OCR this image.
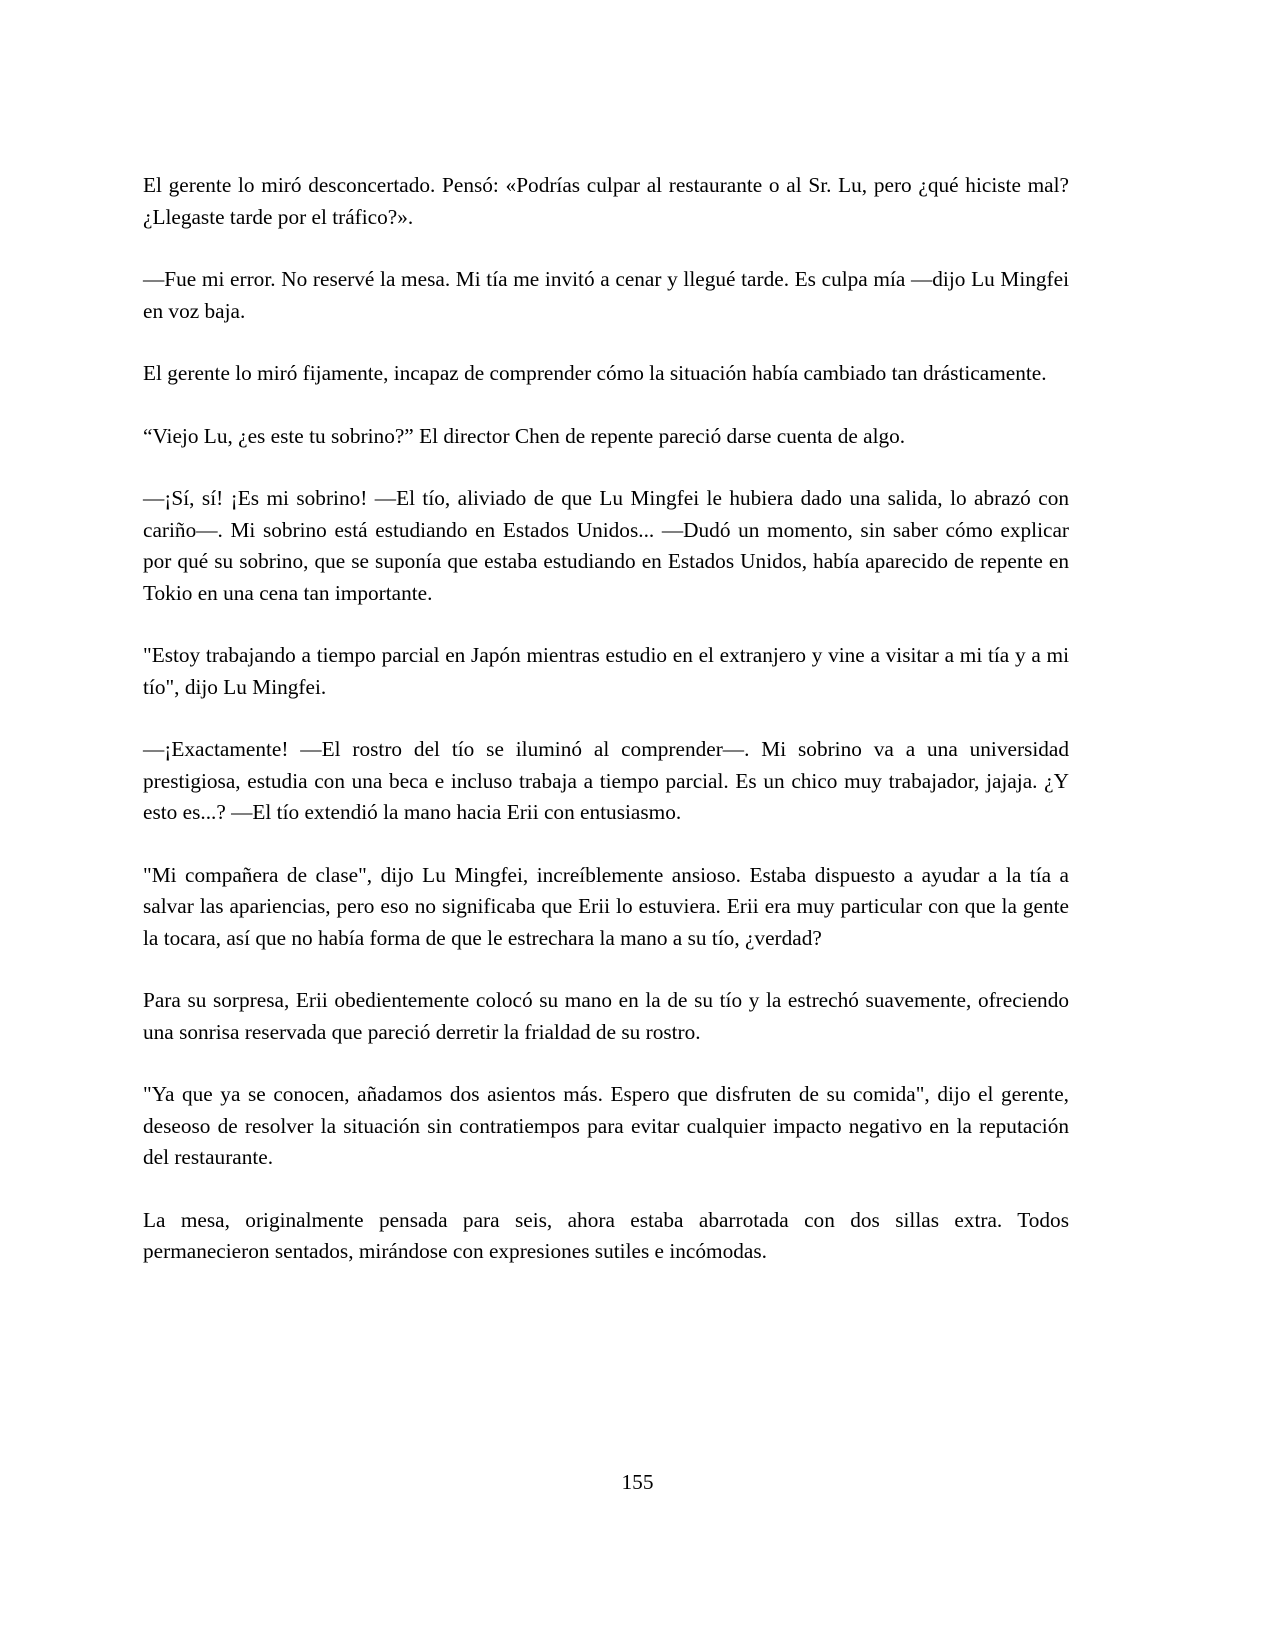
El gerente lo miró desconcertado. Pensó: «Podrías culpar al restaurante o al Sr. Lu, pero ¿qué hiciste mal? ¿Llegaste tarde por el tráfico?».

—Fue mi error. No reservé la mesa. Mi tía me invitó a cenar y llegué tarde. Es culpa mía —dijo Lu Mingfei en voz baja.

El gerente lo miró fijamente, incapaz de comprender cómo la situación había cambiado tan drásticamente.

“Viejo Lu, ¿es este tu sobrino?” El director Chen de repente pareció darse cuenta de algo.

—¡Sí, sí! ¡Es mi sobrino! —El tío, aliviado de que Lu Mingfei le hubiera dado una salida, lo abrazó con cariño—. Mi sobrino está estudiando en Estados Unidos... —Dudó un momento, sin saber cómo explicar por qué su sobrino, que se suponía que estaba estudiando en Estados Unidos, había aparecido de repente en Tokio en una cena tan importante.

"Estoy trabajando a tiempo parcial en Japón mientras estudio en el extranjero y vine a visitar a mi tía y a mi tío", dijo Lu Mingfei.

—¡Exactamente! —El rostro del tío se iluminó al comprender—. Mi sobrino va a una universidad prestigiosa, estudia con una beca e incluso trabaja a tiempo parcial. Es un chico muy trabajador, jajaja. ¿Y esto es...? —El tío extendió la mano hacia Erii con entusiasmo.

"Mi compañera de clase", dijo Lu Mingfei, increíblemente ansioso. Estaba dispuesto a ayudar a la tía a salvar las apariencias, pero eso no significaba que Erii lo estuviera. Erii era muy particular con que la gente la tocara, así que no había forma de que le estrechara la mano a su tío, ¿verdad?

Para su sorpresa, Erii obedientemente colocó su mano en la de su tío y la estrechó suavemente, ofreciendo una sonrisa reservada que pareció derretir la frialdad de su rostro.

"Ya que ya se conocen, añadamos dos asientos más. Espero que disfruten de su comida", dijo el gerente, deseoso de resolver la situación sin contratiempos para evitar cualquier impacto negativo en la reputación del restaurante.

La mesa, originalmente pensada para seis, ahora estaba abarrotada con dos sillas extra. Todos permanecieron sentados, mirándose con expresiones sutiles e incómodas.

155
